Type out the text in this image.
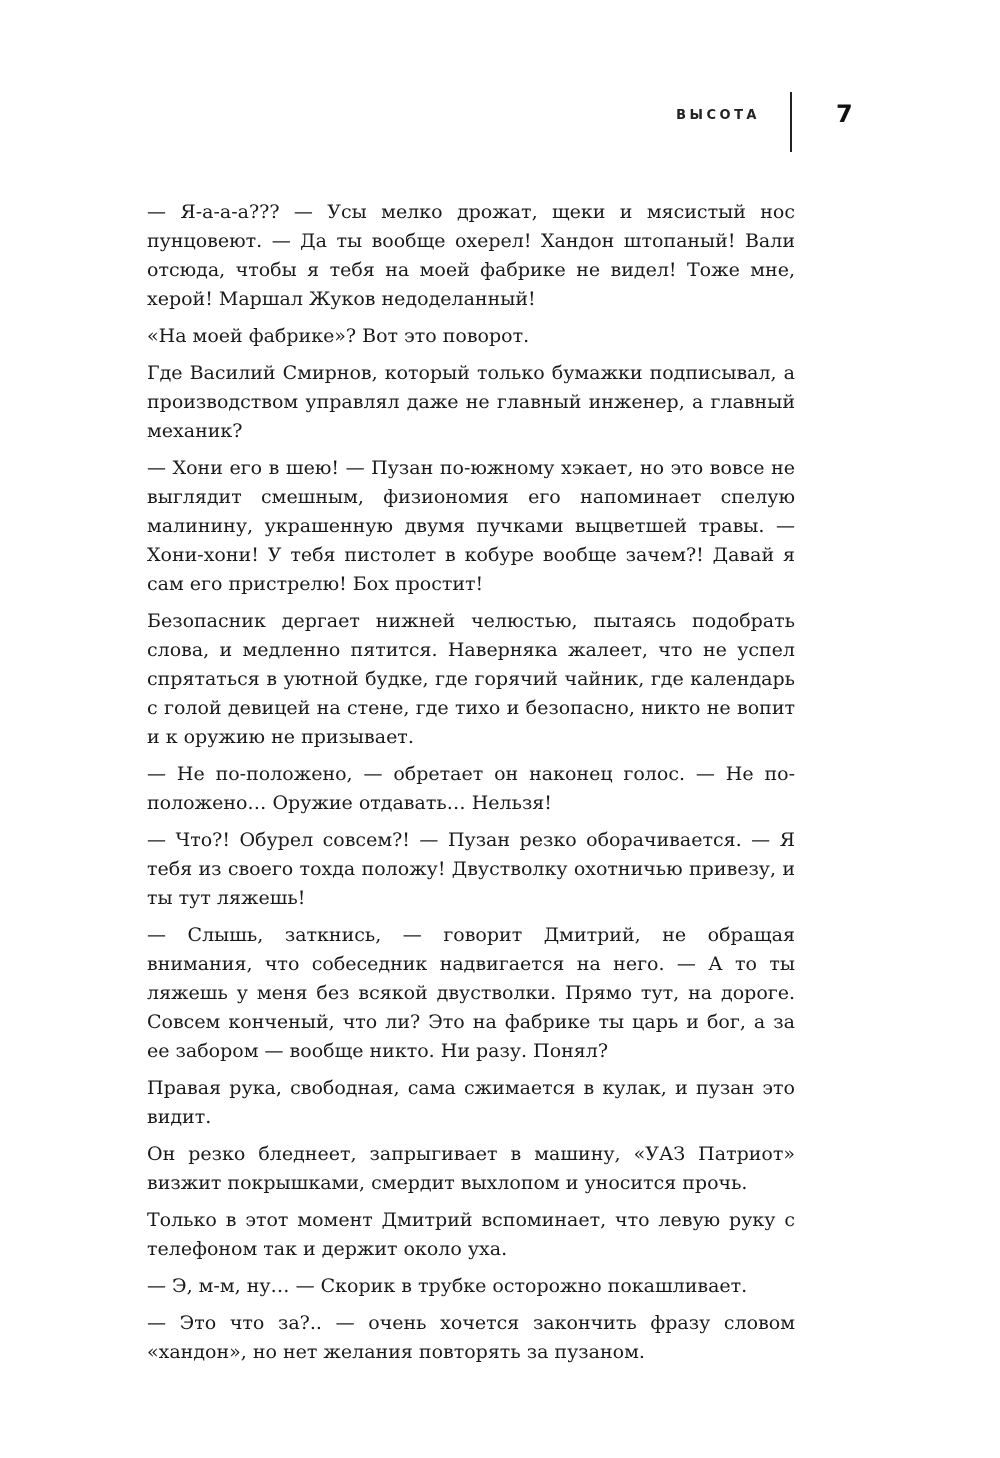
ВЫСОТА	7

— Я-а-а-а??? — Усы мелко дрожат, щеки и мясистый нос пунцовеют. — Да ты вообще охерел! Хандон штопаный! Вали отсюда, чтобы я тебя на моей фабрике не видел! Тоже мне, херой! Маршал Жуков недоделанный!

«На моей фабрике»? Вот это поворот.

Где Василий Смирнов, который только бумажки подписывал, а производством управлял даже не главный инженер, а главный механик?

— Хони его в шею! — Пузан по-южному хэкает, но это вовсе не выглядит смешным, физиономия его напоминает спелую малинину, украшенную двумя пучками выцветшей травы. — Хони-хони! У тебя пистолет в кобуре вообще зачем?! Давай я сам его пристрелю! Бох простит!

Безопасник дергает нижней челюстью, пытаясь подобрать слова, и медленно пятится. Наверняка жалеет, что не успел спрятаться в уютной будке, где горячий чайник, где календарь с голой девицей на стене, где тихо и безопасно, никто не вопит и к оружию не призывает.

— Не по-положено, — обретает он наконец голос. — Не по-положено… Оружие отдавать… Нельзя!

— Что?! Обурел совсем?! — Пузан резко оборачивается. — Я тебя из своего тохда положу! Двустволку охотничью привезу, и ты тут ляжешь!

— Слышь, заткнись, — говорит Дмитрий, не обращая внимания, что собеседник надвигается на него. — А то ты ляжешь у меня без всякой двустволки. Прямо тут, на дороге. Совсем конченый, что ли? Это на фабрике ты царь и бог, а за ее забором — вообще никто. Ни разу. Понял?

Правая рука, свободная, сама сжимается в кулак, и пузан это видит.

Он резко бледнеет, запрыгивает в машину, «УАЗ Патриот» визжит покрышками, смердит выхлопом и уносится прочь.

Только в этот момент Дмитрий вспоминает, что левую руку с телефоном так и держит около уха.

— Э, м-м, ну… — Скорик в трубке осторожно покашливает.

— Это что за?.. — очень хочется закончить фразу словом «хандон», но нет желания повторять за пузаном.
